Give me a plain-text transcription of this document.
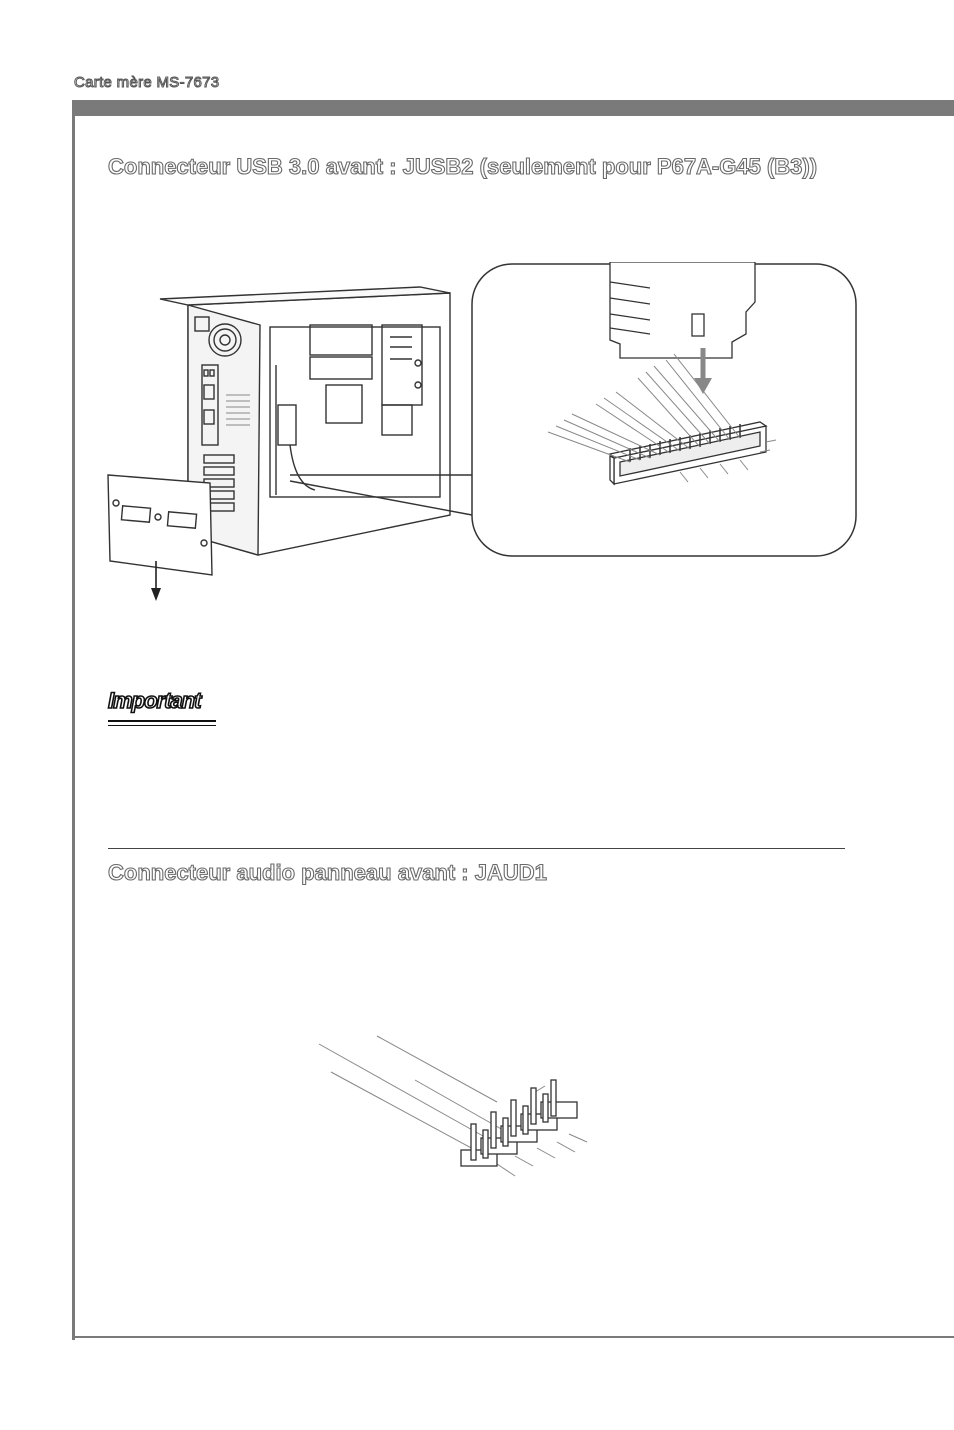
Carte mère MS-7673
Connecteur USB 3.0 avant : JUSB2 (seulement pour P67A-G45 (B3))
Important
Connecteur audio panneau avant : JAUD1
